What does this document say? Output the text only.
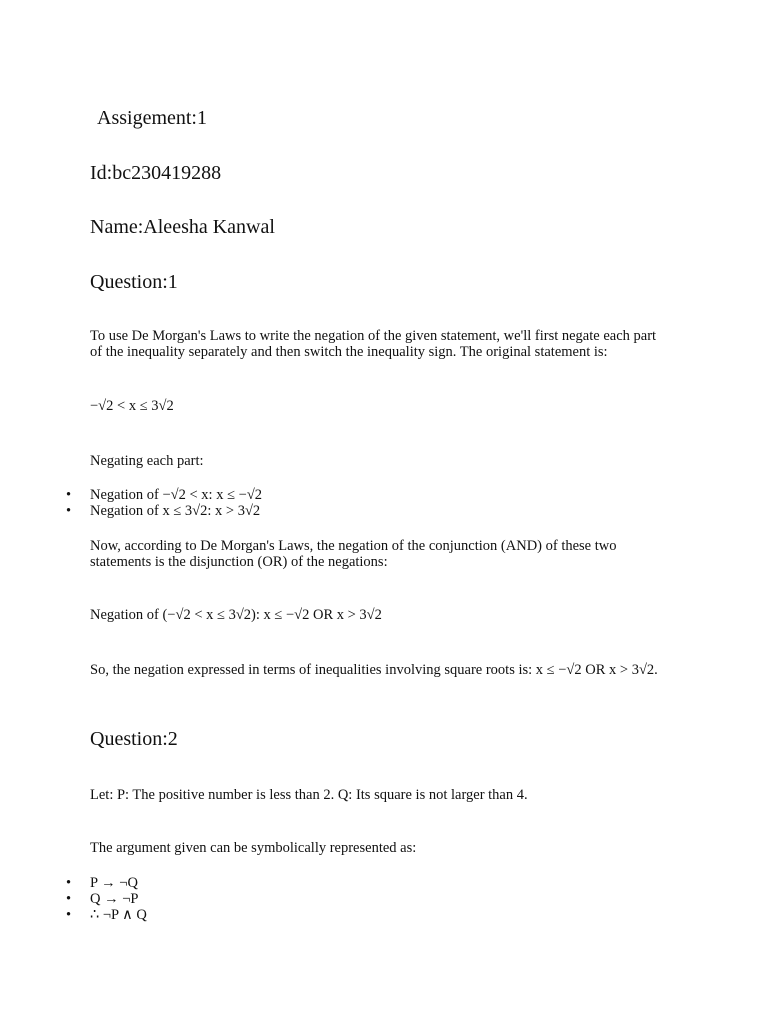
Assigement:1

Id:bc230419288

Name:Aleesha Kanwal

Question:1

To use De Morgan's Laws to write the negation of the given statement, we'll first negate each part of the inequality separately and then switch the inequality sign. The original statement is:

−√2 < x ≤ 3√2

Negating each part:

• Negation of −√2 < x: x ≤ −√2
• Negation of x ≤ 3√2: x > 3√2

Now, according to De Morgan's Laws, the negation of the conjunction (AND) of these two statements is the disjunction (OR) of the negations:

Negation of (−√2 < x ≤ 3√2): x ≤ −√2 OR x > 3√2

So, the negation expressed in terms of inequalities involving square roots is: x ≤ −√2 OR x > 3√2.

Question:2

Let: P: The positive number is less than 2. Q: Its square is not larger than 4.

The argument given can be symbolically represented as:

• P → ¬Q
• Q → ¬P
• ∴ ¬P ∧ Q
